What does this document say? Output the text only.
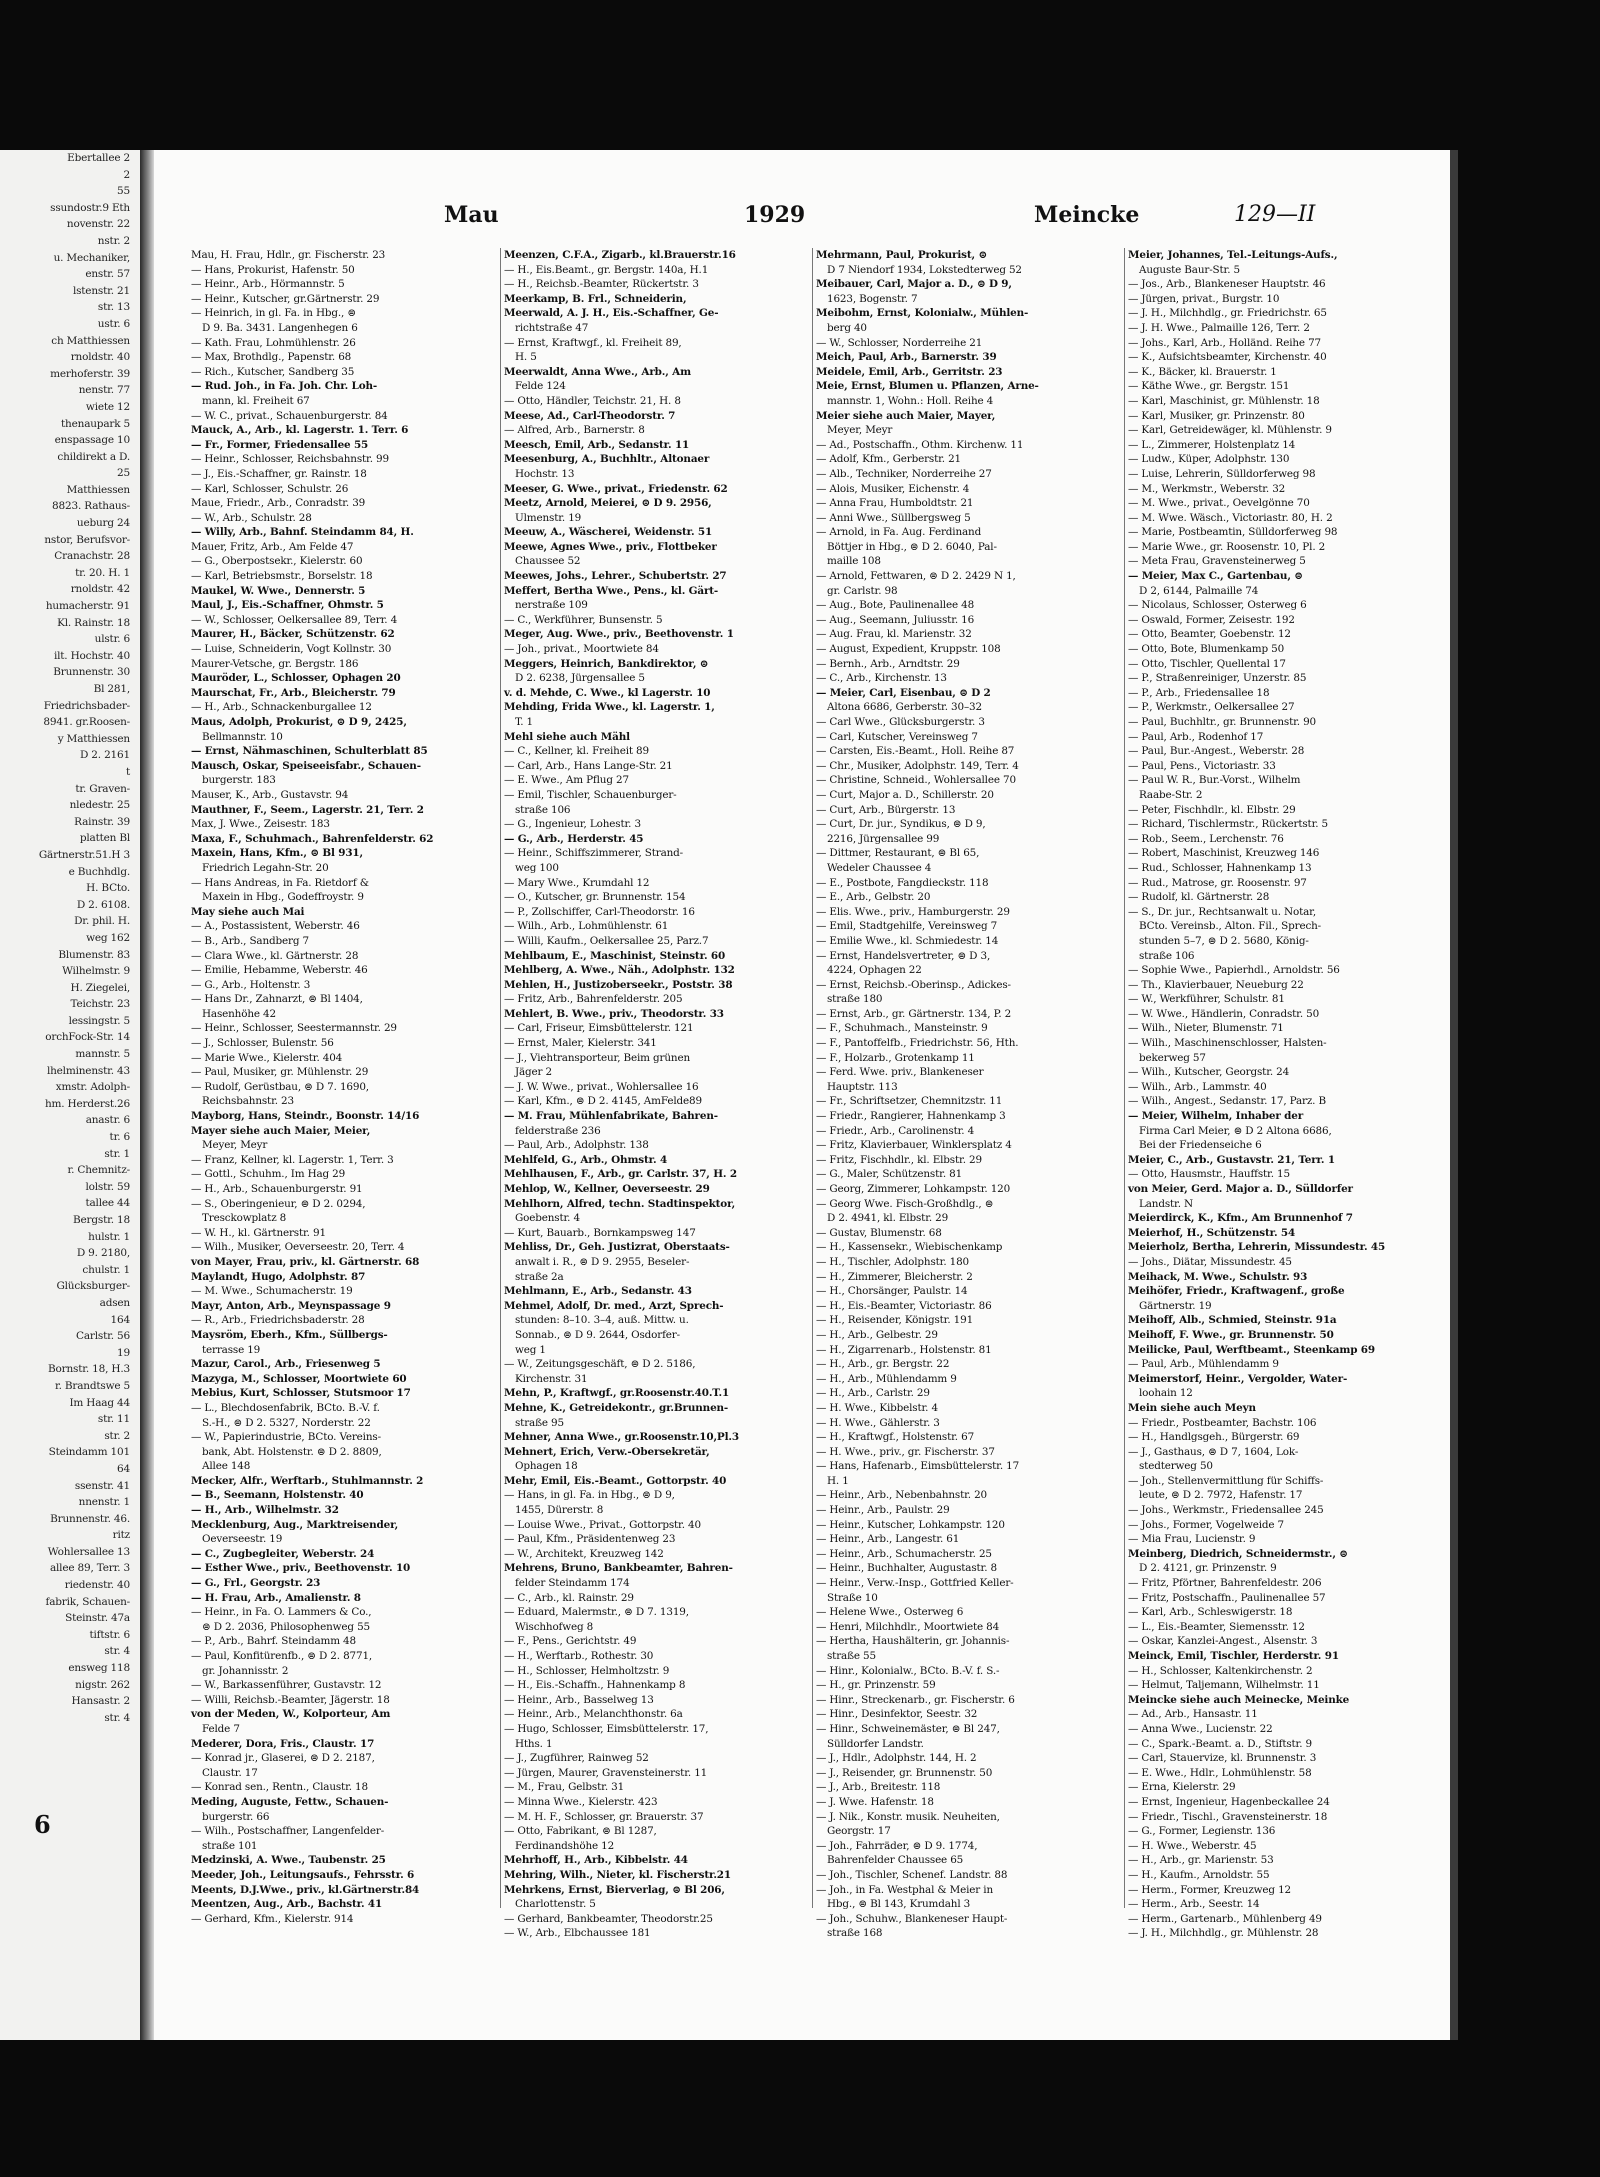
Ebertallee 2
2
55
ssundostr.9 Eth
novenstr. 22
nstr. 2
u. Mechaniker,
enstr. 57
lstenstr. 21
str. 13
ustr. 6
ch Matthiessen
rnoldstr. 40
merhoferstr. 39
nenstr. 77
wiete 12
thenaupark 5
enspassage 10
childirekt a D.
25
Matthiessen
8823. Rathaus-
ueburg 24
nstor, Berufsvor-
Cranachstr. 28
tr. 20. H. 1
rnoldstr. 42
humacherstr. 91
Kl. Rainstr. 18
ulstr. 6
ilt. Hochstr. 40
Brunnenstr. 30
Bl 281,
Friedrichsbader-
8941. gr.Roosen-
y Matthiessen
D 2. 2161
t
tr. Graven-
nledestr. 25
Rainstr. 39
platten Bl
Gärtnerstr.51.H 3
e Buchhdlg.
H. BCto.
D 2. 6108.
Dr. phil. H.
weg 162
Blumenstr. 83
Wilhelmstr. 9
H. Ziegelei,
Teichstr. 23
lessingstr. 5
orchFock-Str. 14
mannstr. 5
lhelminenstr. 43
xmstr. Adolph-
hm. Herderst.26
anastr. 6
tr. 6
str. 1
r. Chemnitz-
lolstr. 59
tallee 44
Bergstr. 18
hulstr. 1
D 9. 2180,
chulstr. 1
Glücksburger-
adsen
164
Carlstr. 56
19
Bornstr. 18, H.3
r. Brandtswe 5
Im Haag 44
str. 11
str. 2
Steindamm 101
64
ssenstr. 41
nnenstr. 1
Brunnenstr. 46.
ritz
Wohlersallee 13
allee 89, Terr. 3
riedenstr. 40
fabrik, Schauen-
Steinstr. 47a
tiftstr. 6
str. 4
ensweg 118
nigstr. 262
Hansastr. 2
str. 4
Mau	1929	Meincke	129—II
Mau, H. Frau, Hdlr., gr. Fischerstr. 23
— Hans, Prokurist, Hafenstr. 50
— Heinr., Arb., Hörmannstr. 5
— Heinr., Kutscher, gr.Gärtnerstr. 29
— Heinrich, in gl. Fa. in Hbg., ⊜
D 9. Ba. 3431. Langenhegen 6
— Kath. Frau, Lohmühlenstr. 26
— Max, Brothdlg., Papenstr. 68
— Rich., Kutscher, Sandberg 35
— Rud. Joh., in Fa. Joh. Chr. Loh-
mann, kl. Freiheit 67
— W. C., privat., Schauenburgerstr. 84
Mauck, A., Arb., kl. Lagerstr. 1. Terr. 6
— Fr., Former, Friedensallee 55
— Heinr., Schlosser, Reichsbahnstr. 99
— J., Eis.-Schaffner, gr. Rainstr. 18
— Karl, Schlosser, Schulstr. 26
Maue, Friedr., Arb., Conradstr. 39
— W., Arb., Schulstr. 28
— Willy, Arb., Bahnf. Steindamm 84, H.
Mauer, Fritz, Arb., Am Felde 47
— G., Oberpostsekr., Kielerstr. 60
— Karl, Betriebsmstr., Borselstr. 18
Maukel, W. Wwe., Dennerstr. 5
Maul, J., Eis.-Schaffner, Ohmstr. 5
— W., Schlosser, Oelkersallee 89, Terr. 4
Maurer, H., Bäcker, Schützenstr. 62
— Luise, Schneiderin, Vogt Kollnstr. 30
Maurer-Vetsche, gr. Bergstr. 186
Mauröder, L., Schlosser, Ophagen 20
Maurschat, Fr., Arb., Bleicherstr. 79
— H., Arb., Schnackenburgallee 12
Maus, Adolph, Prokurist, ⊜ D 9, 2425,
Bellmannstr. 10
— Ernst, Nähmaschinen, Schulterblatt 85
Mausch, Oskar, Speiseeisfabr., Schauen-
burgerstr. 183
Mauser, K., Arb., Gustavstr. 94
Mauthner, F., Seem., Lagerstr. 21, Terr. 2
Max, J. Wwe., Zeisestr. 183
Maxa, F., Schuhmach., Bahrenfelderstr. 62
Maxein, Hans, Kfm., ⊜ Bl 931,
Friedrich Legahn-Str. 20
— Hans Andreas, in Fa. Rietdorf &
Maxein in Hbg., Godeffroystr. 9
May siehe auch Mai
— A., Postassistent, Weberstr. 46
— B., Arb., Sandberg 7
— Clara Wwe., kl. Gärtnerstr. 28
— Emilie, Hebamme, Weberstr. 46
— G., Arb., Holtenstr. 3
— Hans Dr., Zahnarzt, ⊜ Bl 1404,
Hasenhöhe 42
— Heinr., Schlosser, Seestermannstr. 29
— J., Schlosser, Bulenstr. 56
— Marie Wwe., Kielerstr. 404
— Paul, Musiker, gr. Mühlenstr. 29
— Rudolf, Gerüstbau, ⊜ D 7. 1690,
Reichsbahnstr. 23
Mayborg, Hans, Steindr., Boonstr. 14/16
Mayer siehe auch Maier, Meier,
Meyer, Meyr
— Franz, Kellner, kl. Lagerstr. 1, Terr. 3
— Gottl., Schuhm., Im Hag 29
— H., Arb., Schauenburgerstr. 91
— S., Oberingenieur, ⊜ D 2. 0294,
Tresckowplatz 8
— W. H., kl. Gärtnerstr. 91
— Wilh., Musiker, Oeverseestr. 20, Terr. 4
von Mayer, Frau, priv., kl. Gärtnerstr. 68
Maylandt, Hugo, Adolphstr. 87
— M. Wwe., Schumacherstr. 19
Mayr, Anton, Arb., Meynspassage 9
— R., Arb., Friedrichsbaderstr. 28
Maysröm, Eberh., Kfm., Süllbergs-
terrasse 19
Mazur, Carol., Arb., Friesenweg 5
Mazyga, M., Schlosser, Moortwiete 60
Mebius, Kurt, Schlosser, Stutsmoor 17
— L., Blechdosenfabrik, BCto. B.-V. f.
S.-H., ⊜ D 2. 5327, Norderstr. 22
— W., Papierindustrie, BCto. Vereins-
bank, Abt. Holstenstr. ⊜ D 2. 8809,
Allee 148
Mecker, Alfr., Werftarb., Stuhlmannstr. 2
— B., Seemann, Holstenstr. 40
— H., Arb., Wilhelmstr. 32
Mecklenburg, Aug., Marktreisender,
Oeverseestr. 19
— C., Zugbegleiter, Weberstr. 24
— Esther Wwe., priv., Beethovenstr. 10
— G., Frl., Georgstr. 23
— H. Frau, Arb., Amalienstr. 8
— Heinr., in Fa. O. Lammers & Co.,
⊜ D 2. 2036, Philosophenweg 55
— P., Arb., Bahrf. Steindamm 48
— Paul, Konfitürenfb., ⊜ D 2. 8771,
gr. Johannisstr. 2
— W., Barkassenführer, Gustavstr. 12
— Willi, Reichsb.-Beamter, Jägerstr. 18
von der Meden, W., Kolporteur, Am
Felde 7
Mederer, Dora, Fris., Claustr. 17
— Konrad jr., Glaserei, ⊜ D 2. 2187,
Claustr. 17
— Konrad sen., Rentn., Claustr. 18
Meding, Auguste, Fettw., Schauen-
burgerstr. 66
— Wilh., Postschaffner, Langenfelder-
straße 101
Medzinski, A. Wwe., Taubenstr. 25
Meeder, Joh., Leitungsaufs., Fehrsstr. 6
Meents, D.J.Wwe., priv., kl.Gärtnerstr.84
Meentzen, Aug., Arb., Bachstr. 41
— Gerhard, Kfm., Kielerstr. 914
Meenzen, C.F.A., Zigarb., kl.Brauerstr.16
— H., Eis.Beamt., gr. Bergstr. 140a, H.1
— H., Reichsb.-Beamter, Rückertstr. 3
Meerkamp, B. Frl., Schneiderin,
Meerwald, A. J. H., Eis.-Schaffner, Ge-
richtstraße 47
— Ernst, Kraftwgf., kl. Freiheit 89,
H. 5
Meerwaldt, Anna Wwe., Arb., Am
Felde 124
— Otto, Händler, Teichstr. 21, H. 8
Meese, Ad., Carl-Theodorstr. 7
— Alfred, Arb., Barnerstr. 8
Meesch, Emil, Arb., Sedanstr. 11
Meesenburg, A., Buchhltr., Altonaer
Hochstr. 13
Meeser, G. Wwe., privat., Friedenstr. 62
Meetz, Arnold, Meierei, ⊜ D 9. 2956,
Ulmenstr. 19
Meeuw, A., Wäscherei, Weidenstr. 51
Meewe, Agnes Wwe., priv., Flottbeker
Chaussee 52
Meewes, Johs., Lehrer., Schubertstr. 27
Meffert, Bertha Wwe., Pens., kl. Gärt-
nerstraße 109
— C., Werkführer, Bunsenstr. 5
Meger, Aug. Wwe., priv., Beethovenstr. 1
— Joh., privat., Moortwiete 84
Meggers, Heinrich, Bankdirektor, ⊜
D 2. 6238, Jürgensallee 5
v. d. Mehde, C. Wwe., kl Lagerstr. 10
Mehding, Frida Wwe., kl. Lagerstr. 1,
T. 1
Mehl siehe auch Mähl
— C., Kellner, kl. Freiheit 89
— Carl, Arb., Hans Lange-Str. 21
— E. Wwe., Am Pflug 27
— Emil, Tischler, Schauenburger-
straße 106
— G., Ingenieur, Lohestr. 3
— G., Arb., Herderstr. 45
— Heinr., Schiffszimmerer, Strand-
weg 100
— Mary Wwe., Krumdahl 12
— O., Kutscher, gr. Brunnenstr. 154
— P., Zollschiffer, Carl-Theodorstr. 16
— Wilh., Arb., Lohmühlenstr. 61
— Willi, Kaufm., Oelkersallee 25, Parz.7
Mehlbaum, E., Maschinist, Steinstr. 60
Mehlberg, A. Wwe., Näh., Adolphstr. 132
Mehlen, H., Justizoberseekr., Poststr. 38
— Fritz, Arb., Bahrenfelderstr. 205
Mehlert, B. Wwe., priv., Theodorstr. 33
— Carl, Friseur, Eimsbüttelerstr. 121
— Ernst, Maler, Kielerstr. 341
— J., Viehtransporteur, Beim grünen
Jäger 2
— J. W. Wwe., privat., Wohlersallee 16
— Karl, Kfm., ⊜ D 2. 4145, AmFelde89
— M. Frau, Mühlenfabrikate, Bahren-
felderstraße 236
— Paul, Arb., Adolphstr. 138
Mehlfeld, G., Arb., Ohmstr. 4
Mehlhausen, F., Arb., gr. Carlstr. 37, H. 2
Mehlop, W., Kellner, Oeverseestr. 29
Mehlhorn, Alfred, techn. Stadtinspektor,
Goebenstr. 4
— Kurt, Bauarb., Bornkampsweg 147
Mehliss, Dr., Geh. Justizrat, Oberstaats-
anwalt i. R., ⊜ D 9. 2955, Beseler-
straße 2a
Mehlmann, E., Arb., Sedanstr. 43
Mehmel, Adolf, Dr. med., Arzt, Sprech-
stunden: 8–10. 3–4, auß. Mittw. u.
Sonnab., ⊜ D 9. 2644, Osdorfer-
weg 1
— W., Zeitungsgeschäft, ⊜ D 2. 5186,
Kirchenstr. 31
Mehn, P., Kraftwgf., gr.Roosenstr.40.T.1
Mehne, K., Getreidekontr., gr.Brunnen-
straße 95
Mehner, Anna Wwe., gr.Roosenstr.10,Pl.3
Mehnert, Erich, Verw.-Obersekretär,
Ophagen 18
Mehr, Emil, Eis.-Beamt., Gottorpstr. 40
— Hans, in gl. Fa. in Hbg., ⊜ D 9,
1455, Dürerstr. 8
— Louise Wwe., Privat., Gottorpstr. 40
— Paul, Kfm., Präsidentenweg 23
— W., Architekt, Kreuzweg 142
Mehrens, Bruno, Bankbeamter, Bahren-
felder Steindamm 174
— C., Arb., kl. Rainstr. 29
— Eduard, Malermstr., ⊜ D 7. 1319,
Wischhofweg 8
— F., Pens., Gerichtstr. 49
— H., Werftarb., Rothestr. 30
— H., Schlosser, Helmholtzstr. 9
— H., Eis.-Schaffn., Hahnenkamp 8
— Heinr., Arb., Basselweg 13
— Heinr., Arb., Melanchthonstr. 6a
— Hugo, Schlosser, Eimsbüttelerstr. 17,
Hths. 1
— J., Zugführer, Rainweg 52
— Jürgen, Maurer, Gravensteinerstr. 11
— M., Frau, Gelbstr. 31
— Minna Wwe., Kielerstr. 423
— M. H. F., Schlosser, gr. Brauerstr. 37
— Otto, Fabrikant, ⊜ Bl 1287,
Ferdinandshöhe 12
Mehrhoff, H., Arb., Kibbelstr. 44
Mehring, Wilh., Nieter, kl. Fischerstr.21
Mehrkens, Ernst, Bierverlag, ⊜ Bl 206,
Charlottenstr. 5
— Gerhard, Bankbeamter, Theodorstr.25
— W., Arb., Elbchaussee 181
Mehrmann, Paul, Prokurist, ⊜
D 7 Niendorf 1934, Lokstedterweg 52
Meibauer, Carl, Major a. D., ⊜ D 9,
1623, Bogenstr. 7
Meibohm, Ernst, Kolonialw., Mühlen-
berg 40
— W., Schlosser, Norderreihe 21
Meich, Paul, Arb., Barnerstr. 39
Meidele, Emil, Arb., Gerritstr. 23
Meie, Ernst, Blumen u. Pflanzen, Arne-
mannstr. 1, Wohn.: Holl. Reihe 4
Meier siehe auch Maier, Mayer,
Meyer, Meyr
— Ad., Postschaffn., Othm. Kirchenw. 11
— Adolf, Kfm., Gerberstr. 21
— Alb., Techniker, Norderreihe 27
— Alois, Musiker, Eichenstr. 4
— Anna Frau, Humboldtstr. 21
— Anni Wwe., Süllbergsweg 5
— Arnold, in Fa. Aug. Ferdinand
Böttjer in Hbg., ⊜ D 2. 6040, Pal-
maille 108
— Arnold, Fettwaren, ⊜ D 2. 2429 N 1,
gr. Carlstr. 98
— Aug., Bote, Paulinenallee 48
— Aug., Seemann, Juliusstr. 16
— Aug. Frau, kl. Marienstr. 32
— August, Expedient, Kruppstr. 108
— Bernh., Arb., Arndtstr. 29
— C., Arb., Kirchenstr. 13
— Meier, Carl, Eisenbau, ⊜ D 2
Altona 6686, Gerberstr. 30–32
— Carl Wwe., Glücksburgerstr. 3
— Carl, Kutscher, Vereinsweg 7
— Carsten, Eis.-Beamt., Holl. Reihe 87
— Chr., Musiker, Adolphstr. 149, Terr. 4
— Christine, Schneid., Wohlersallee 70
— Curt, Major a. D., Schillerstr. 20
— Curt, Arb., Bürgerstr. 13
— Curt, Dr. jur., Syndikus, ⊜ D 9,
2216, Jürgensallee 99
— Dittmer, Restaurant, ⊜ Bl 65,
Wedeler Chaussee 4
— E., Postbote, Fangdieckstr. 118
— E., Arb., Gelbstr. 20
— Elis. Wwe., priv., Hamburgerstr. 29
— Emil, Stadtgehilfe, Vereinsweg 7
— Emilie Wwe., kl. Schmiedestr. 14
— Ernst, Handelsvertreter, ⊜ D 3,
4224, Ophagen 22
— Ernst, Reichsb.-Oberinsp., Adickes-
straße 180
— Ernst, Arb., gr. Gärtnerstr. 134, P. 2
— F., Schuhmach., Mansteinstr. 9
— F., Pantoffelfb., Friedrichstr. 56, Hth.
— F., Holzarb., Grotenkamp 11
— Ferd. Wwe. priv., Blankeneser
Hauptstr. 113
— Fr., Schriftsetzer, Chemnitzstr. 11
— Friedr., Rangierer, Hahnenkamp 3
— Friedr., Arb., Carolinenstr. 4
— Fritz, Klavierbauer, Winklersplatz 4
— Fritz, Fischhdlr., kl. Elbstr. 29
— G., Maler, Schützenstr. 81
— Georg, Zimmerer, Lohkampstr. 120
— Georg Wwe. Fisch-Großhdlg., ⊜
D 2. 4941, kl. Elbstr. 29
— Gustav, Blumenstr. 68
— H., Kassensekr., Wiebischenkamp
— H., Tischler, Adolphstr. 180
— H., Zimmerer, Bleicherstr. 2
— H., Chorsänger, Paulstr. 14
— H., Eis.-Beamter, Victoriastr. 86
— H., Reisender, Königstr. 191
— H., Arb., Gelbestr. 29
— H., Zigarrenarb., Holstenstr. 81
— H., Arb., gr. Bergstr. 22
— H., Arb., Mühlendamm 9
— H., Arb., Carlstr. 29
— H. Wwe., Kibbelstr. 4
— H. Wwe., Gählerstr. 3
— H., Kraftwgf., Holstenstr. 67
— H. Wwe., priv., gr. Fischerstr. 37
— Hans, Hafenarb., Eimsbüttelerstr. 17
H. 1
— Heinr., Arb., Nebenbahnstr. 20
— Heinr., Arb., Paulstr. 29
— Heinr., Kutscher, Lohkampstr. 120
— Heinr., Arb., Langestr. 61
— Heinr., Arb., Schumacherstr. 25
— Heinr., Buchhalter, Augustastr. 8
— Heinr., Verw.-Insp., Gottfried Keller-
Straße 10
— Helene Wwe., Osterweg 6
— Henri, Milchhdlr., Moortwiete 84
— Hertha, Haushälterin, gr. Johannis-
straße 55
— Hinr., Kolonialw., BCto. B.-V. f. S.-
— H., gr. Prinzenstr. 59
— Hinr., Streckenarb., gr. Fischerstr. 6
— Hinr., Desinfektor, Seestr. 32
— Hinr., Schweinemäster, ⊜ Bl 247,
Sülldorfer Landstr.
— J., Hdlr., Adolphstr. 144, H. 2
— J., Reisender, gr. Brunnenstr. 50
— J., Arb., Breitestr. 118
— J. Wwe. Hafenstr. 18
— J. Nik., Konstr. musik. Neuheiten,
Georgstr. 17
— Joh., Fahrräder, ⊜ D 9. 1774,
Bahrenfelder Chaussee 65
— Joh., Tischler, Schenef. Landstr. 88
— Joh., in Fa. Westphal & Meier in
Hbg., ⊜ Bl 143, Krumdahl 3
— Joh., Schuhw., Blankeneser Haupt-
straße 168
Meier, Johannes, Tel.-Leitungs-Aufs.,
Auguste Baur-Str. 5
— Jos., Arb., Blankeneser Hauptstr. 46
— Jürgen, privat., Burgstr. 10
— J. H., Milchhdlg., gr. Friedrichstr. 65
— J. H. Wwe., Palmaille 126, Terr. 2
— Johs., Karl, Arb., Holländ. Reihe 77
— K., Aufsichtsbeamter, Kirchenstr. 40
— K., Bäcker, kl. Brauerstr. 1
— Käthe Wwe., gr. Bergstr. 151
— Karl, Maschinist, gr. Mühlenstr. 18
— Karl, Musiker, gr. Prinzenstr. 80
— Karl, Getreidewäger, kl. Mühlenstr. 9
— L., Zimmerer, Holstenplatz 14
— Ludw., Küper, Adolphstr. 130
— Luise, Lehrerin, Sülldorferweg 98
— M., Werkmstr., Weberstr. 32
— M. Wwe., privat., Oevelgönne 70
— M. Wwe. Wäsch., Victoriastr. 80, H. 2
— Marie, Postbeamtin, Sülldorferweg 98
— Marie Wwe., gr. Roosenstr. 10, Pl. 2
— Meta Frau, Gravensteinerweg 5
— Meier, Max C., Gartenbau, ⊜
D 2, 6144, Palmaille 74
— Nicolaus, Schlosser, Osterweg 6
— Oswald, Former, Zeisestr. 192
— Otto, Beamter, Goebenstr. 12
— Otto, Bote, Blumenkamp 50
— Otto, Tischler, Quellental 17
— P., Straßenreiniger, Unzerstr. 85
— P., Arb., Friedensallee 18
— P., Werkmstr., Oelkersallee 27
— Paul, Buchhltr., gr. Brunnenstr. 90
— Paul, Arb., Rodenhof 17
— Paul, Bur.-Angest., Weberstr. 28
— Paul, Pens., Victoriastr. 33
— Paul W. R., Bur.-Vorst., Wilhelm
Raabe-Str. 2
— Peter, Fischhdlr., kl. Elbstr. 29
— Richard, Tischlermstr., Rückertstr. 5
— Rob., Seem., Lerchenstr. 76
— Robert, Maschinist, Kreuzweg 146
— Rud., Schlosser, Hahnenkamp 13
— Rud., Matrose, gr. Roosenstr. 97
— Rudolf, kl. Gärtnerstr. 28
— S., Dr. jur., Rechtsanwalt u. Notar,
BCto. Vereinsb., Alton. Fil., Sprech-
stunden 5–7, ⊜ D 2. 5680, König-
straße 106
— Sophie Wwe., Papierhdl., Arnoldstr. 56
— Th., Klavierbauer, Neueburg 22
— W., Werkführer, Schulstr. 81
— W. Wwe., Händlerin, Conradstr. 50
— Wilh., Nieter, Blumenstr. 71
— Wilh., Maschinenschlosser, Halsten-
bekerweg 57
— Wilh., Kutscher, Georgstr. 24
— Wilh., Arb., Lammstr. 40
— Wilh., Angest., Sedanstr. 17, Parz. B
— Meier, Wilhelm, Inhaber der
Firma Carl Meier, ⊜ D 2 Altona 6686,
Bei der Friedenseiche 6
Meier, C., Arb., Gustavstr. 21, Terr. 1
— Otto, Hausmstr., Hauffstr. 15
von Meier, Gerd. Major a. D., Sülldorfer
Landstr. N
Meierdirck, K., Kfm., Am Brunnenhof 7
Meierhof, H., Schützenstr. 54
Meierholz, Bertha, Lehrerin, Missundestr. 45
— Johs., Diätar, Missundestr. 45
Meihack, M. Wwe., Schulstr. 93
Meihöfer, Friedr., Kraftwagenf., große
Gärtnerstr. 19
Meihoff, Alb., Schmied, Steinstr. 91a
Meihoff, F. Wwe., gr. Brunnenstr. 50
Meilicke, Paul, Werftbeamt., Steenkamp 69
— Paul, Arb., Mühlendamm 9
Meimerstorf, Heinr., Vergolder, Water-
loohain 12
Mein siehe auch Meyn
— Friedr., Postbeamter, Bachstr. 106
— H., Handlgsgeh., Bürgerstr. 69
— J., Gasthaus, ⊜ D 7, 1604, Lok-
stedterweg 50
— Joh., Stellenvermittlung für Schiffs-
leute, ⊜ D 2. 7972, Hafenstr. 17
— Johs., Werkmstr., Friedensallee 245
— Johs., Former, Vogelweide 7
— Mia Frau, Lucienstr. 9
Meinberg, Diedrich, Schneidermstr., ⊜
D 2. 4121, gr. Prinzenstr. 9
— Fritz, Pförtner, Bahrenfeldestr. 206
— Fritz, Postschaffn., Paulinenallee 57
— Karl, Arb., Schleswigerstr. 18
— L., Eis.-Beamter, Siemensstr. 12
— Oskar, Kanzlei-Angest., Alsenstr. 3
Meinck, Emil, Tischler, Herderstr. 91
— H., Schlosser, Kaltenkirchenstr. 2
— Helmut, Taljemann, Wilhelmstr. 11
Meincke siehe auch Meinecke, Meinke
— Ad., Arb., Hansastr. 11
— Anna Wwe., Lucienstr. 22
— C., Spark.-Beamt. a. D., Stiftstr. 9
— Carl, Stauervize, kl. Brunnenstr. 3
— E. Wwe., Hdlr., Lohmühlenstr. 58
— Erna, Kielerstr. 29
— Ernst, Ingenieur, Hagenbeckallee 24
— Friedr., Tischl., Gravensteinerstr. 18
— G., Former, Legienstr. 136
— H. Wwe., Weberstr. 45
— H., Arb., gr. Marienstr. 53
— H., Kaufm., Arnoldstr. 55
— Herm., Former, Kreuzweg 12
— Herm., Arb., Seestr. 14
— Herm., Gartenarb., Mühlenberg 49
— J. H., Milchhdlg., gr. Mühlenstr. 28
6
